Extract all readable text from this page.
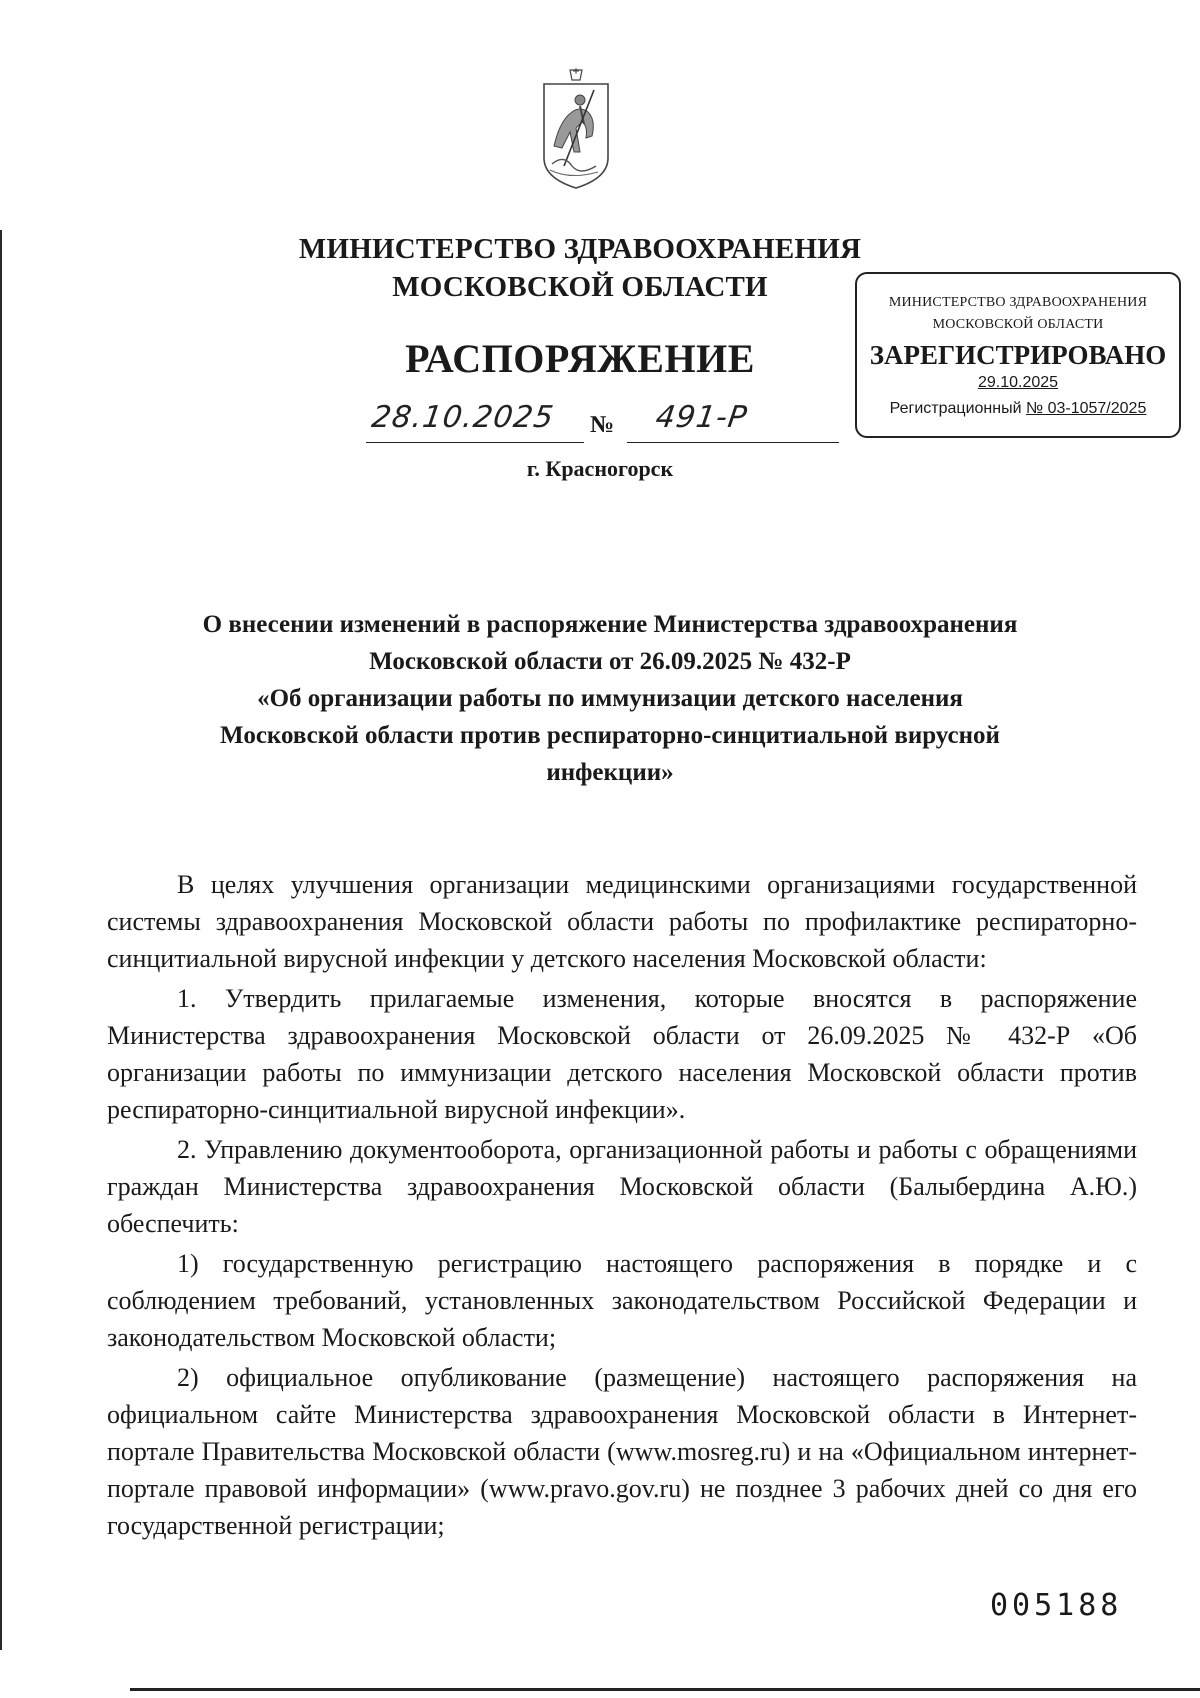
МИНИСТЕРСТВО ЗДРАВООХРАНЕНИЯ
МОСКОВСКОЙ ОБЛАСТИ
РАСПОРЯЖЕНИЕ
28.10.2025 № 491-Р
г. Красногорск
МИНИСТЕРСТВО ЗДРАВООХРАНЕНИЯ
МОСКОВСКОЙ ОБЛАСТИ
ЗАРЕГИСТРИРОВАНО
29.10.2025
Регистрационный № 03-1057/2025
О внесении изменений в распоряжение Министерства здравоохранения
Московской области от 26.09.2025 № 432-Р
«Об организации работы по иммунизации детского населения
Московской области против респираторно-синцитиальной вирусной
инфекции»

В целях улучшения организации медицинскими организациями государственной системы здравоохранения Московской области работы по профилактике респираторно-синцитиальной вирусной инфекции у детского населения Московской области:

1. Утвердить прилагаемые изменения, которые вносятся в распоряжение Министерства здравоохранения Московской области от 26.09.2025 № 432-Р «Об организации работы по иммунизации детского населения Московской области против респираторно-синцитиальной вирусной инфекции».

2. Управлению документооборота, организационной работы и работы с обращениями граждан Министерства здравоохранения Московской области (Балыбердина А.Ю.) обеспечить:

1) государственную регистрацию настоящего распоряжения в порядке и с соблюдением требований, установленных законодательством Российской Федерации и законодательством Московской области;

2) официальное опубликование (размещение) настоящего распоряжения на официальном сайте Министерства здравоохранения Московской области в Интернет-портале Правительства Московской области (www.mosreg.ru) и на «Официальном интернет-портале правовой информации» (www.pravo.gov.ru) не позднее 3 рабочих дней со дня его государственной регистрации;

005188
